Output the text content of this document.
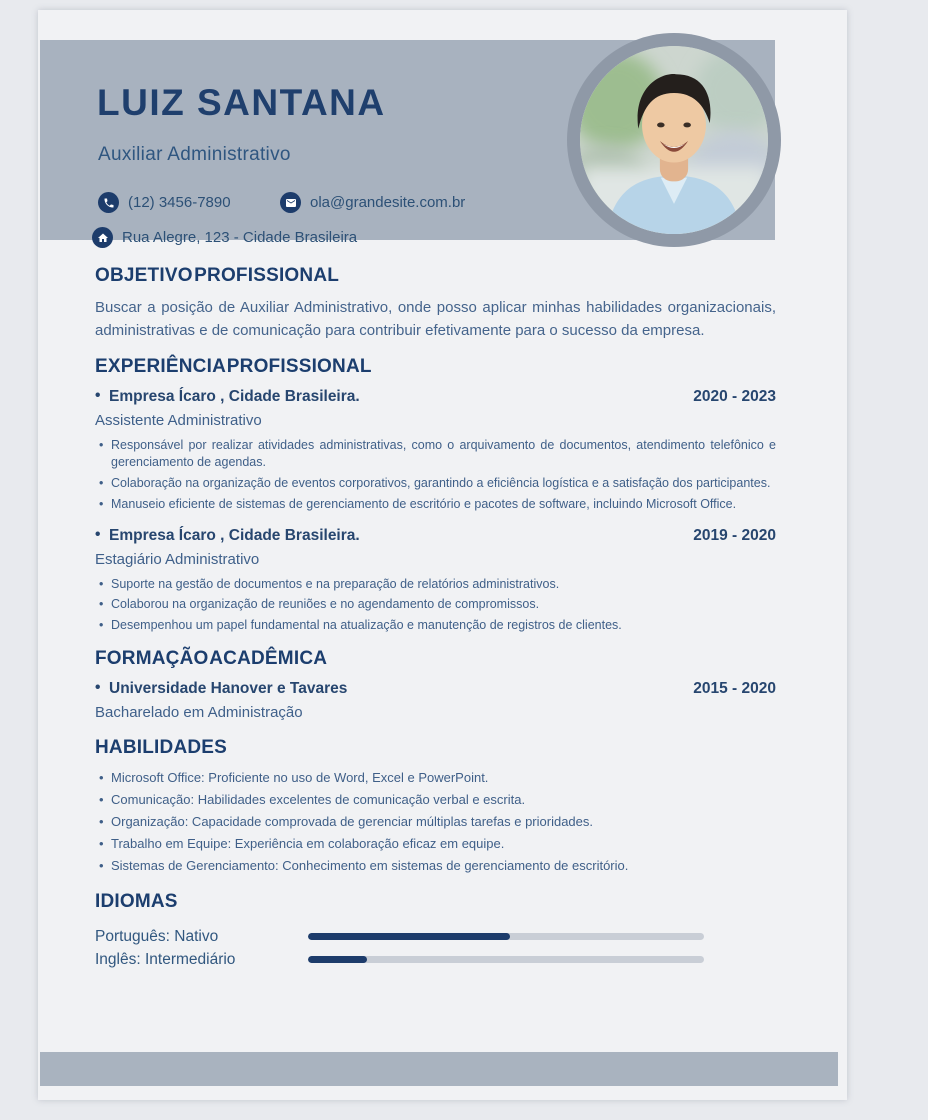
LUIZ SANTANA
Auxiliar Administrativo
(12) 3456-7890	ola@grandesite.com.br
Rua Alegre, 123 - Cidade Brasileira
OBJETIVO PROFISSIONAL

Buscar a posição de Auxiliar Administrativo, onde posso aplicar minhas habilidades organizacionais, administrativas e de comunicação para contribuir efetivamente para o sucesso da empresa.

EXPERIÊNCIA PROFISSIONAL
• Empresa Ícaro , Cidade Brasileira.	2020 - 2023
Assistente Administrativo
• Responsável por realizar atividades administrativas, como o arquivamento de documentos, atendimento telefônico e gerenciamento de agendas.
• Colaboração na organização de eventos corporativos, garantindo a eficiência logística e a satisfação dos participantes.
• Manuseio eficiente de sistemas de gerenciamento de escritório e pacotes de software, incluindo Microsoft Office.
• Empresa Ícaro , Cidade Brasileira.	2019 - 2020
Estagiário Administrativo
• Suporte na gestão de documentos e na preparação de relatórios administrativos.
• Colaborou na organização de reuniões e no agendamento de compromissos.
• Desempenhou um papel fundamental na atualização e manutenção de registros de clientes.
FORMAÇÃO ACADÊMICA
• Universidade Hanover e Tavares	2015 - 2020
Bacharelado em Administração
HABILIDADES
• Microsoft Office: Proficiente no uso de Word, Excel e PowerPoint.
• Comunicação: Habilidades excelentes de comunicação verbal e escrita.
• Organização: Capacidade comprovada de gerenciar múltiplas tarefas e prioridades.
• Trabalho em Equipe: Experiência em colaboração eficaz em equipe.
• Sistemas de Gerenciamento: Conhecimento em sistemas de gerenciamento de escritório.
IDIOMAS
Português: Nativo
Inglês: Intermediário
